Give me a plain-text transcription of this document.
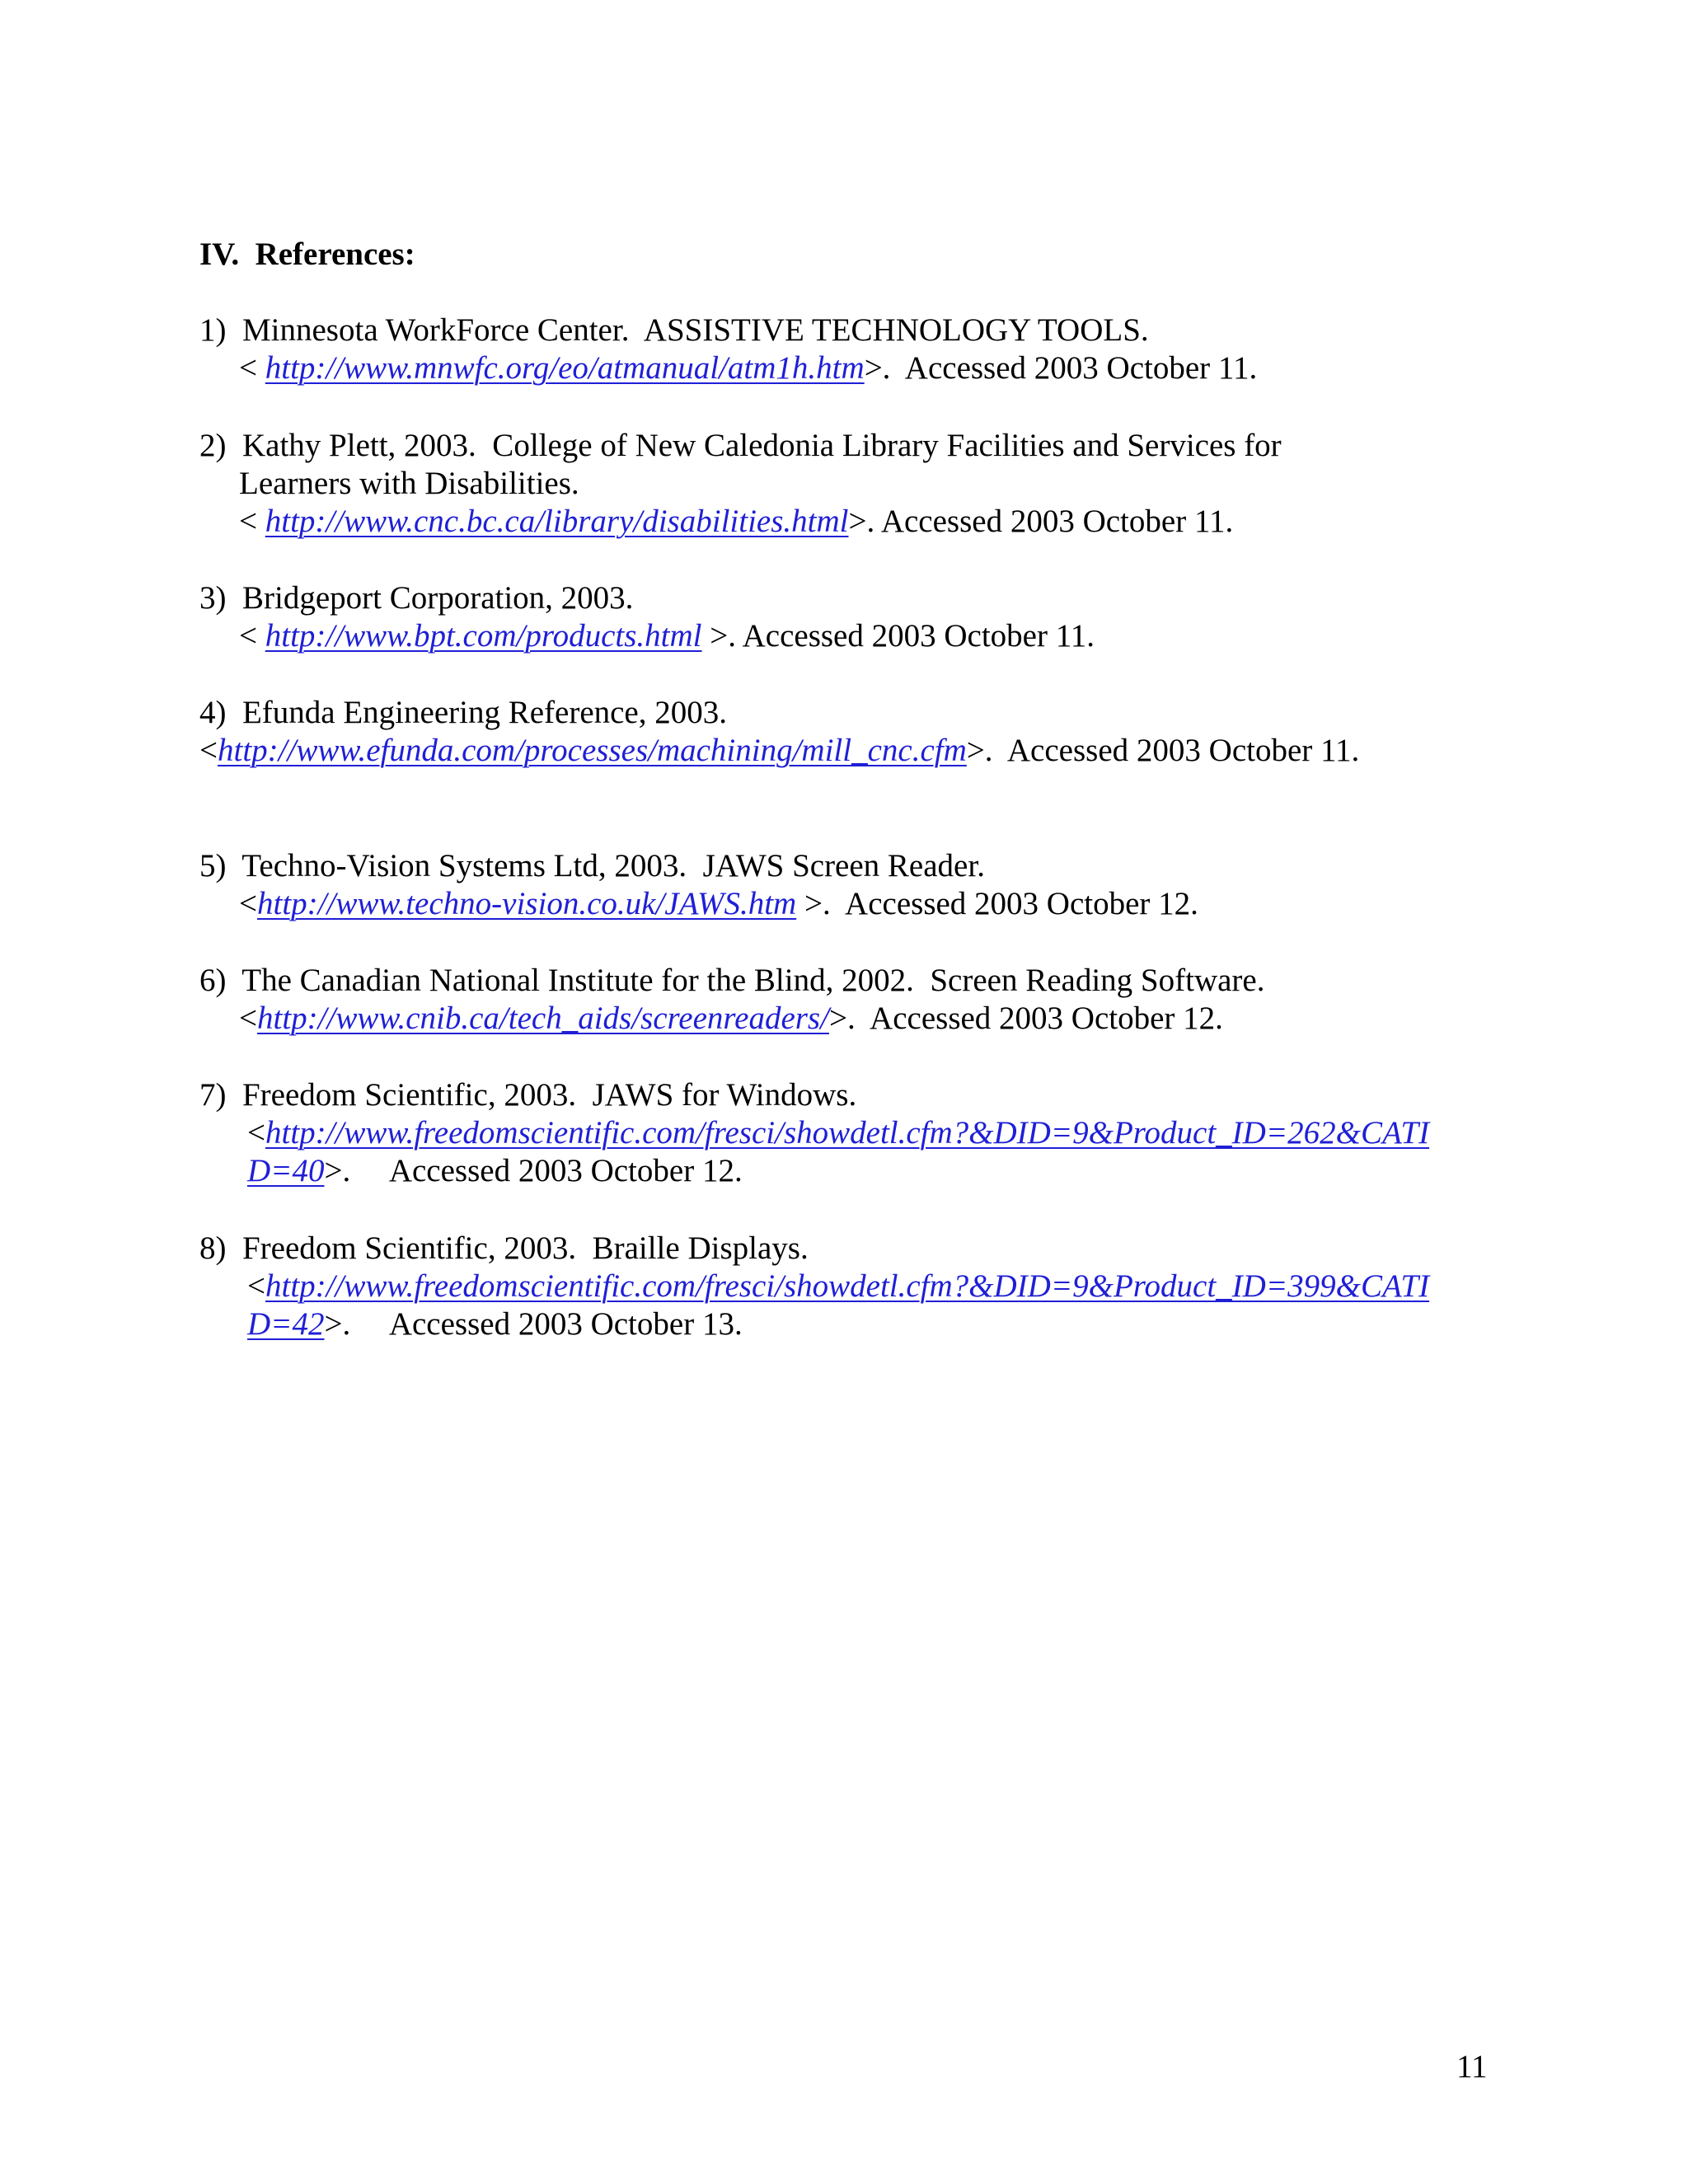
IV.  References:
1)  Minnesota WorkForce Center.  ASSISTIVE TECHNOLOGY TOOLS.
< http://www.mnwfc.org/eo/atmanual/atm1h.htm>.  Accessed 2003 October 11.
2)  Kathy Plett, 2003.  College of New Caledonia Library Facilities and Services for
Learners with Disabilities.
< http://www.cnc.bc.ca/library/disabilities.html>. Accessed 2003 October 11.
3)  Bridgeport Corporation, 2003.
< http://www.bpt.com/products.html >. Accessed 2003 October 11.
4)  Efunda Engineering Reference, 2003.
<http://www.efunda.com/processes/machining/mill_cnc.cfm>.  Accessed 2003 October 11.
5)  Techno-Vision Systems Ltd, 2003.  JAWS Screen Reader.
<http://www.techno-vision.co.uk/JAWS.htm >.  Accessed 2003 October 12.
6)  The Canadian National Institute for the Blind, 2002.  Screen Reading Software.
<http://www.cnib.ca/tech_aids/screenreaders/>.  Accessed 2003 October 12.
7)  Freedom Scientific, 2003.  JAWS for Windows.
<http://www.freedomscientific.com/fresci/showdetl.cfm?&DID=9&Product_ID=262&CATI
D=40>.     Accessed 2003 October 12.
8)  Freedom Scientific, 2003.  Braille Displays.
<http://www.freedomscientific.com/fresci/showdetl.cfm?&DID=9&Product_ID=399&CATI
D=42>.     Accessed 2003 October 13.
11
